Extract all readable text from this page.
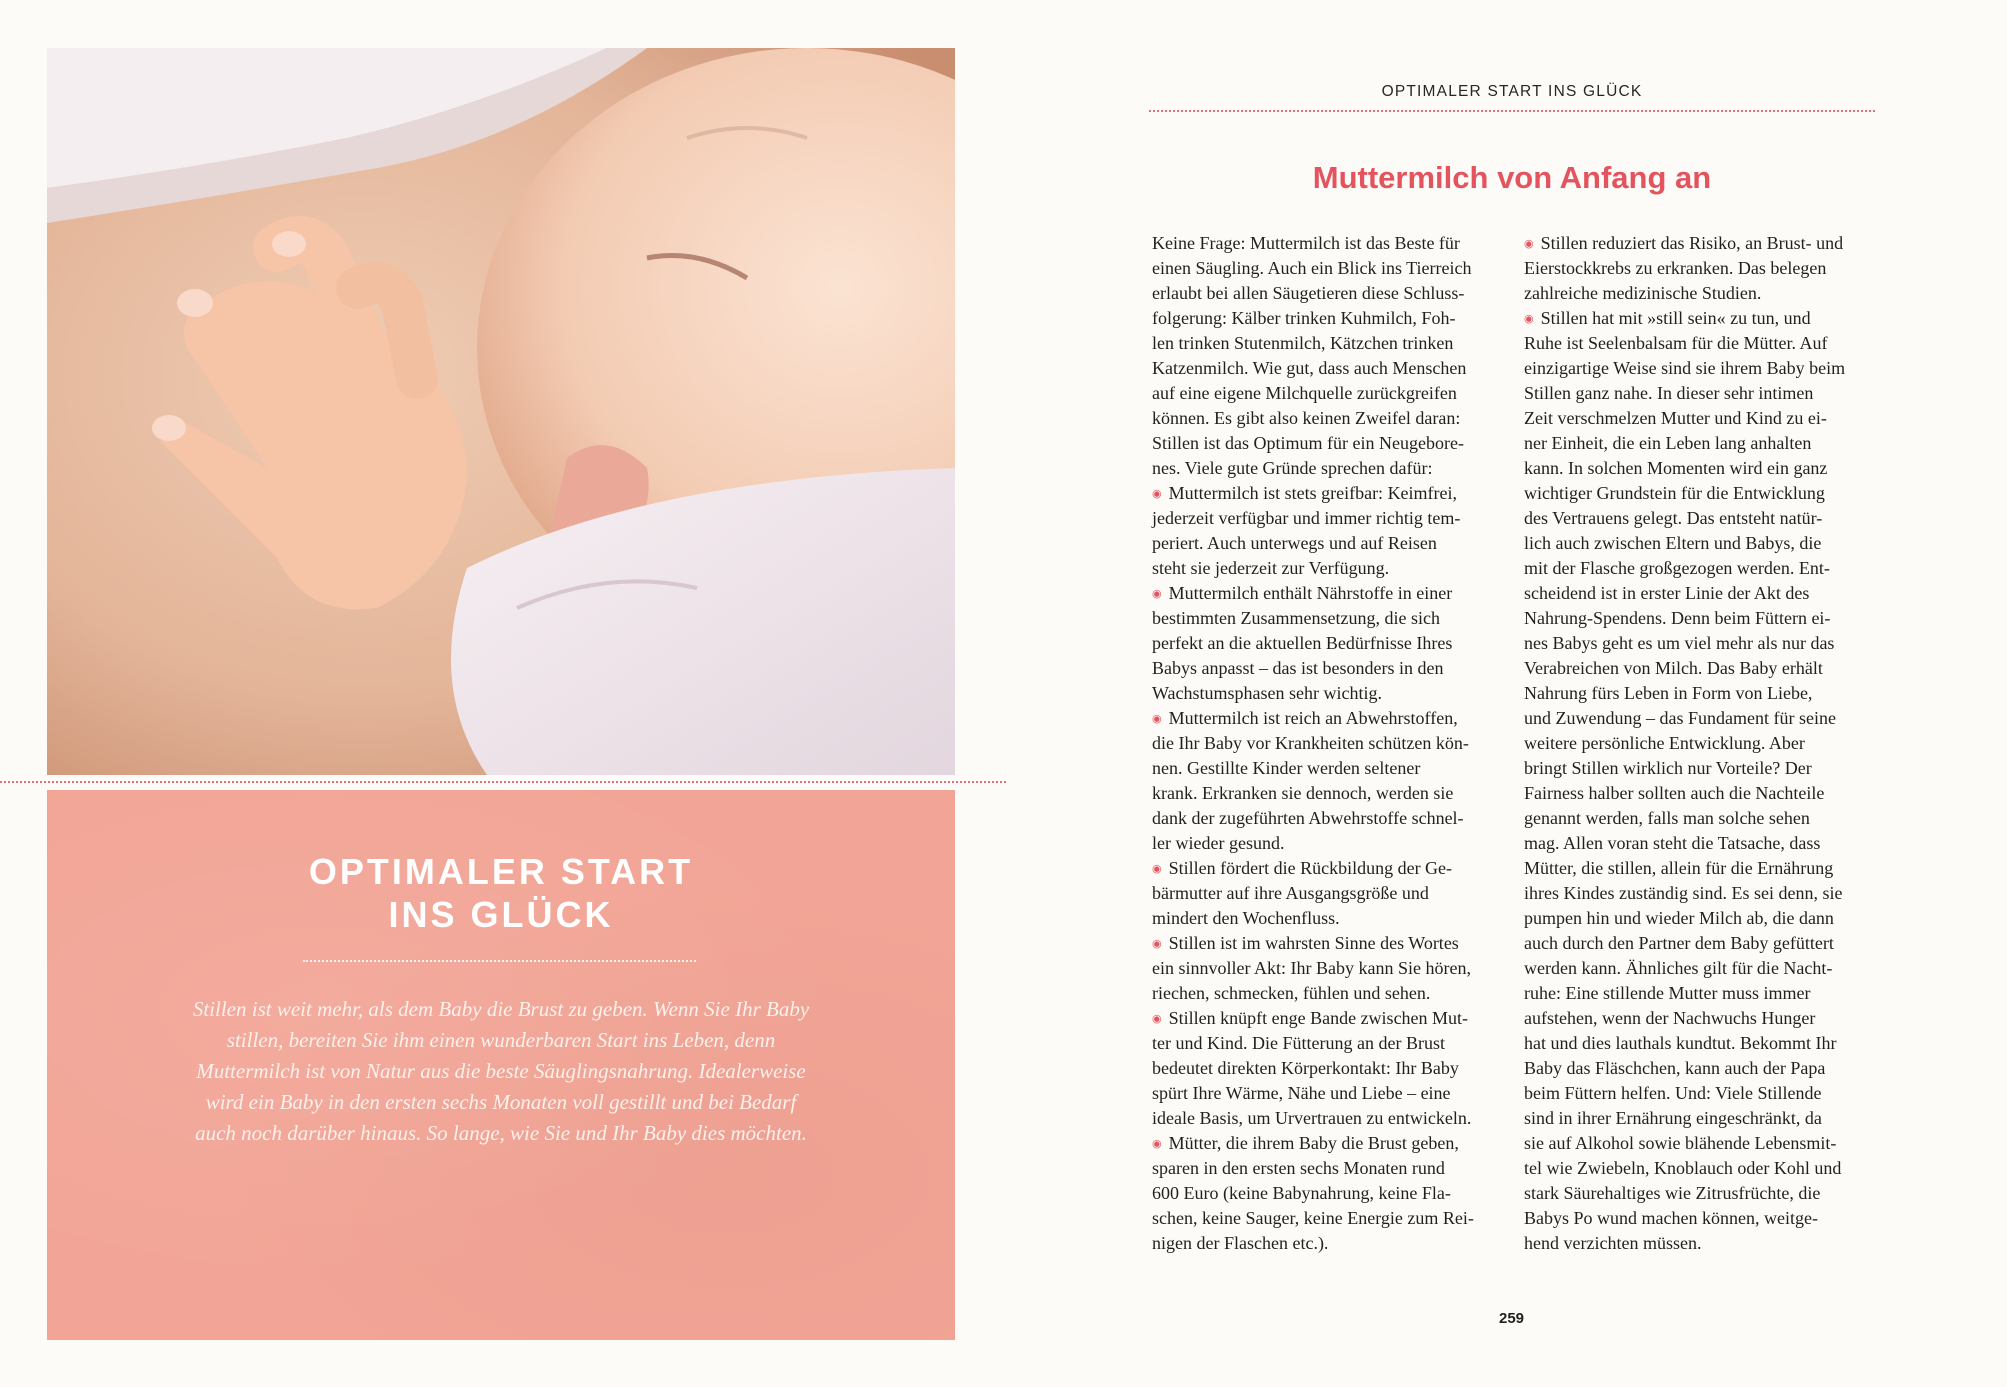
OPTIMALER START
INS GLÜCK
Stillen ist weit mehr, als dem Baby die Brust zu geben. Wenn Sie Ihr Baby
stillen, bereiten Sie ihm einen wunderbaren Start ins Leben, denn
Muttermilch ist von Natur aus die beste Säuglingsnahrung. Idealerweise
wird ein Baby in den ersten sechs Monaten voll gestillt und bei Bedarf
auch noch darüber hinaus. So lange, wie Sie und Ihr Baby dies möchten.
OPTIMALER START INS GLÜCK
Muttermilch von Anfang an
Keine Frage: Muttermilch ist das Beste für
einen Säugling. Auch ein Blick ins Tierreich
erlaubt bei allen Säugetieren diese Schluss-
folgerung: Kälber trinken Kuhmilch, Foh-
len trinken Stutenmilch, Kätzchen trinken
Katzenmilch. Wie gut, dass auch Menschen
auf eine eigene Milchquelle zurückgreifen
können. Es gibt also keinen Zweifel daran:
Stillen ist das Optimum für ein Neugebore-
nes. Viele gute Gründe sprechen dafür:
◉ Muttermilch ist stets greifbar: Keimfrei,
jederzeit verfügbar und immer richtig tem-
periert. Auch unterwegs und auf Reisen
steht sie jederzeit zur Verfügung.
◉ Muttermilch enthält Nährstoffe in einer
bestimmten Zusammensetzung, die sich
perfekt an die aktuellen Bedürfnisse Ihres
Babys anpasst – das ist besonders in den
Wachstumsphasen sehr wichtig.
◉ Muttermilch ist reich an Abwehrstoffen,
die Ihr Baby vor Krankheiten schützen kön-
nen. Gestillte Kinder werden seltener
krank. Erkranken sie dennoch, werden sie
dank der zugeführten Abwehrstoffe schnel-
ler wieder gesund.
◉ Stillen fördert die Rückbildung der Ge-
bärmutter auf ihre Ausgangsgröße und
mindert den Wochenfluss.
◉ Stillen ist im wahrsten Sinne des Wortes
ein sinnvoller Akt: Ihr Baby kann Sie hören,
riechen, schmecken, fühlen und sehen.
◉ Stillen knüpft enge Bande zwischen Mut-
ter und Kind. Die Fütterung an der Brust
bedeutet direkten Körperkontakt: Ihr Baby
spürt Ihre Wärme, Nähe und Liebe – eine
ideale Basis, um Urvertrauen zu entwickeln.
◉ Mütter, die ihrem Baby die Brust geben,
sparen in den ersten sechs Monaten rund
600 Euro (keine Babynahrung, keine Fla-
schen, keine Sauger, keine Energie zum Rei-
nigen der Flaschen etc.).
◉ Stillen reduziert das Risiko, an Brust- und
Eierstockkrebs zu erkranken. Das belegen
zahlreiche medizinische Studien.
◉ Stillen hat mit »still sein« zu tun, und
Ruhe ist Seelenbalsam für die Mütter. Auf
einzigartige Weise sind sie ihrem Baby beim
Stillen ganz nahe. In dieser sehr intimen
Zeit verschmelzen Mutter und Kind zu ei-
ner Einheit, die ein Leben lang anhalten
kann. In solchen Momenten wird ein ganz
wichtiger Grundstein für die Entwicklung
des Vertrauens gelegt. Das entsteht natür-
lich auch zwischen Eltern und Babys, die
mit der Flasche großgezogen werden. Ent-
scheidend ist in erster Linie der Akt des
Nahrung-Spendens. Denn beim Füttern ei-
nes Babys geht es um viel mehr als nur das
Verabreichen von Milch. Das Baby erhält
Nahrung fürs Leben in Form von Liebe,
und Zuwendung – das Fundament für seine
weitere persönliche Entwicklung. Aber
bringt Stillen wirklich nur Vorteile? Der
Fairness halber sollten auch die Nachteile
genannt werden, falls man solche sehen
mag. Allen voran steht die Tatsache, dass
Mütter, die stillen, allein für die Ernährung
ihres Kindes zuständig sind. Es sei denn, sie
pumpen hin und wieder Milch ab, die dann
auch durch den Partner dem Baby gefüttert
werden kann. Ähnliches gilt für die Nacht-
ruhe: Eine stillende Mutter muss immer
aufstehen, wenn der Nachwuchs Hunger
hat und dies lauthals kundtut. Bekommt Ihr
Baby das Fläschchen, kann auch der Papa
beim Füttern helfen. Und: Viele Stillende
sind in ihrer Ernährung eingeschränkt, da
sie auf Alkohol sowie blähende Lebensmit-
tel wie Zwiebeln, Knoblauch oder Kohl und
stark Säurehaltiges wie Zitrusfrüchte, die
Babys Po wund machen können, weitge-
hend verzichten müssen.
259
